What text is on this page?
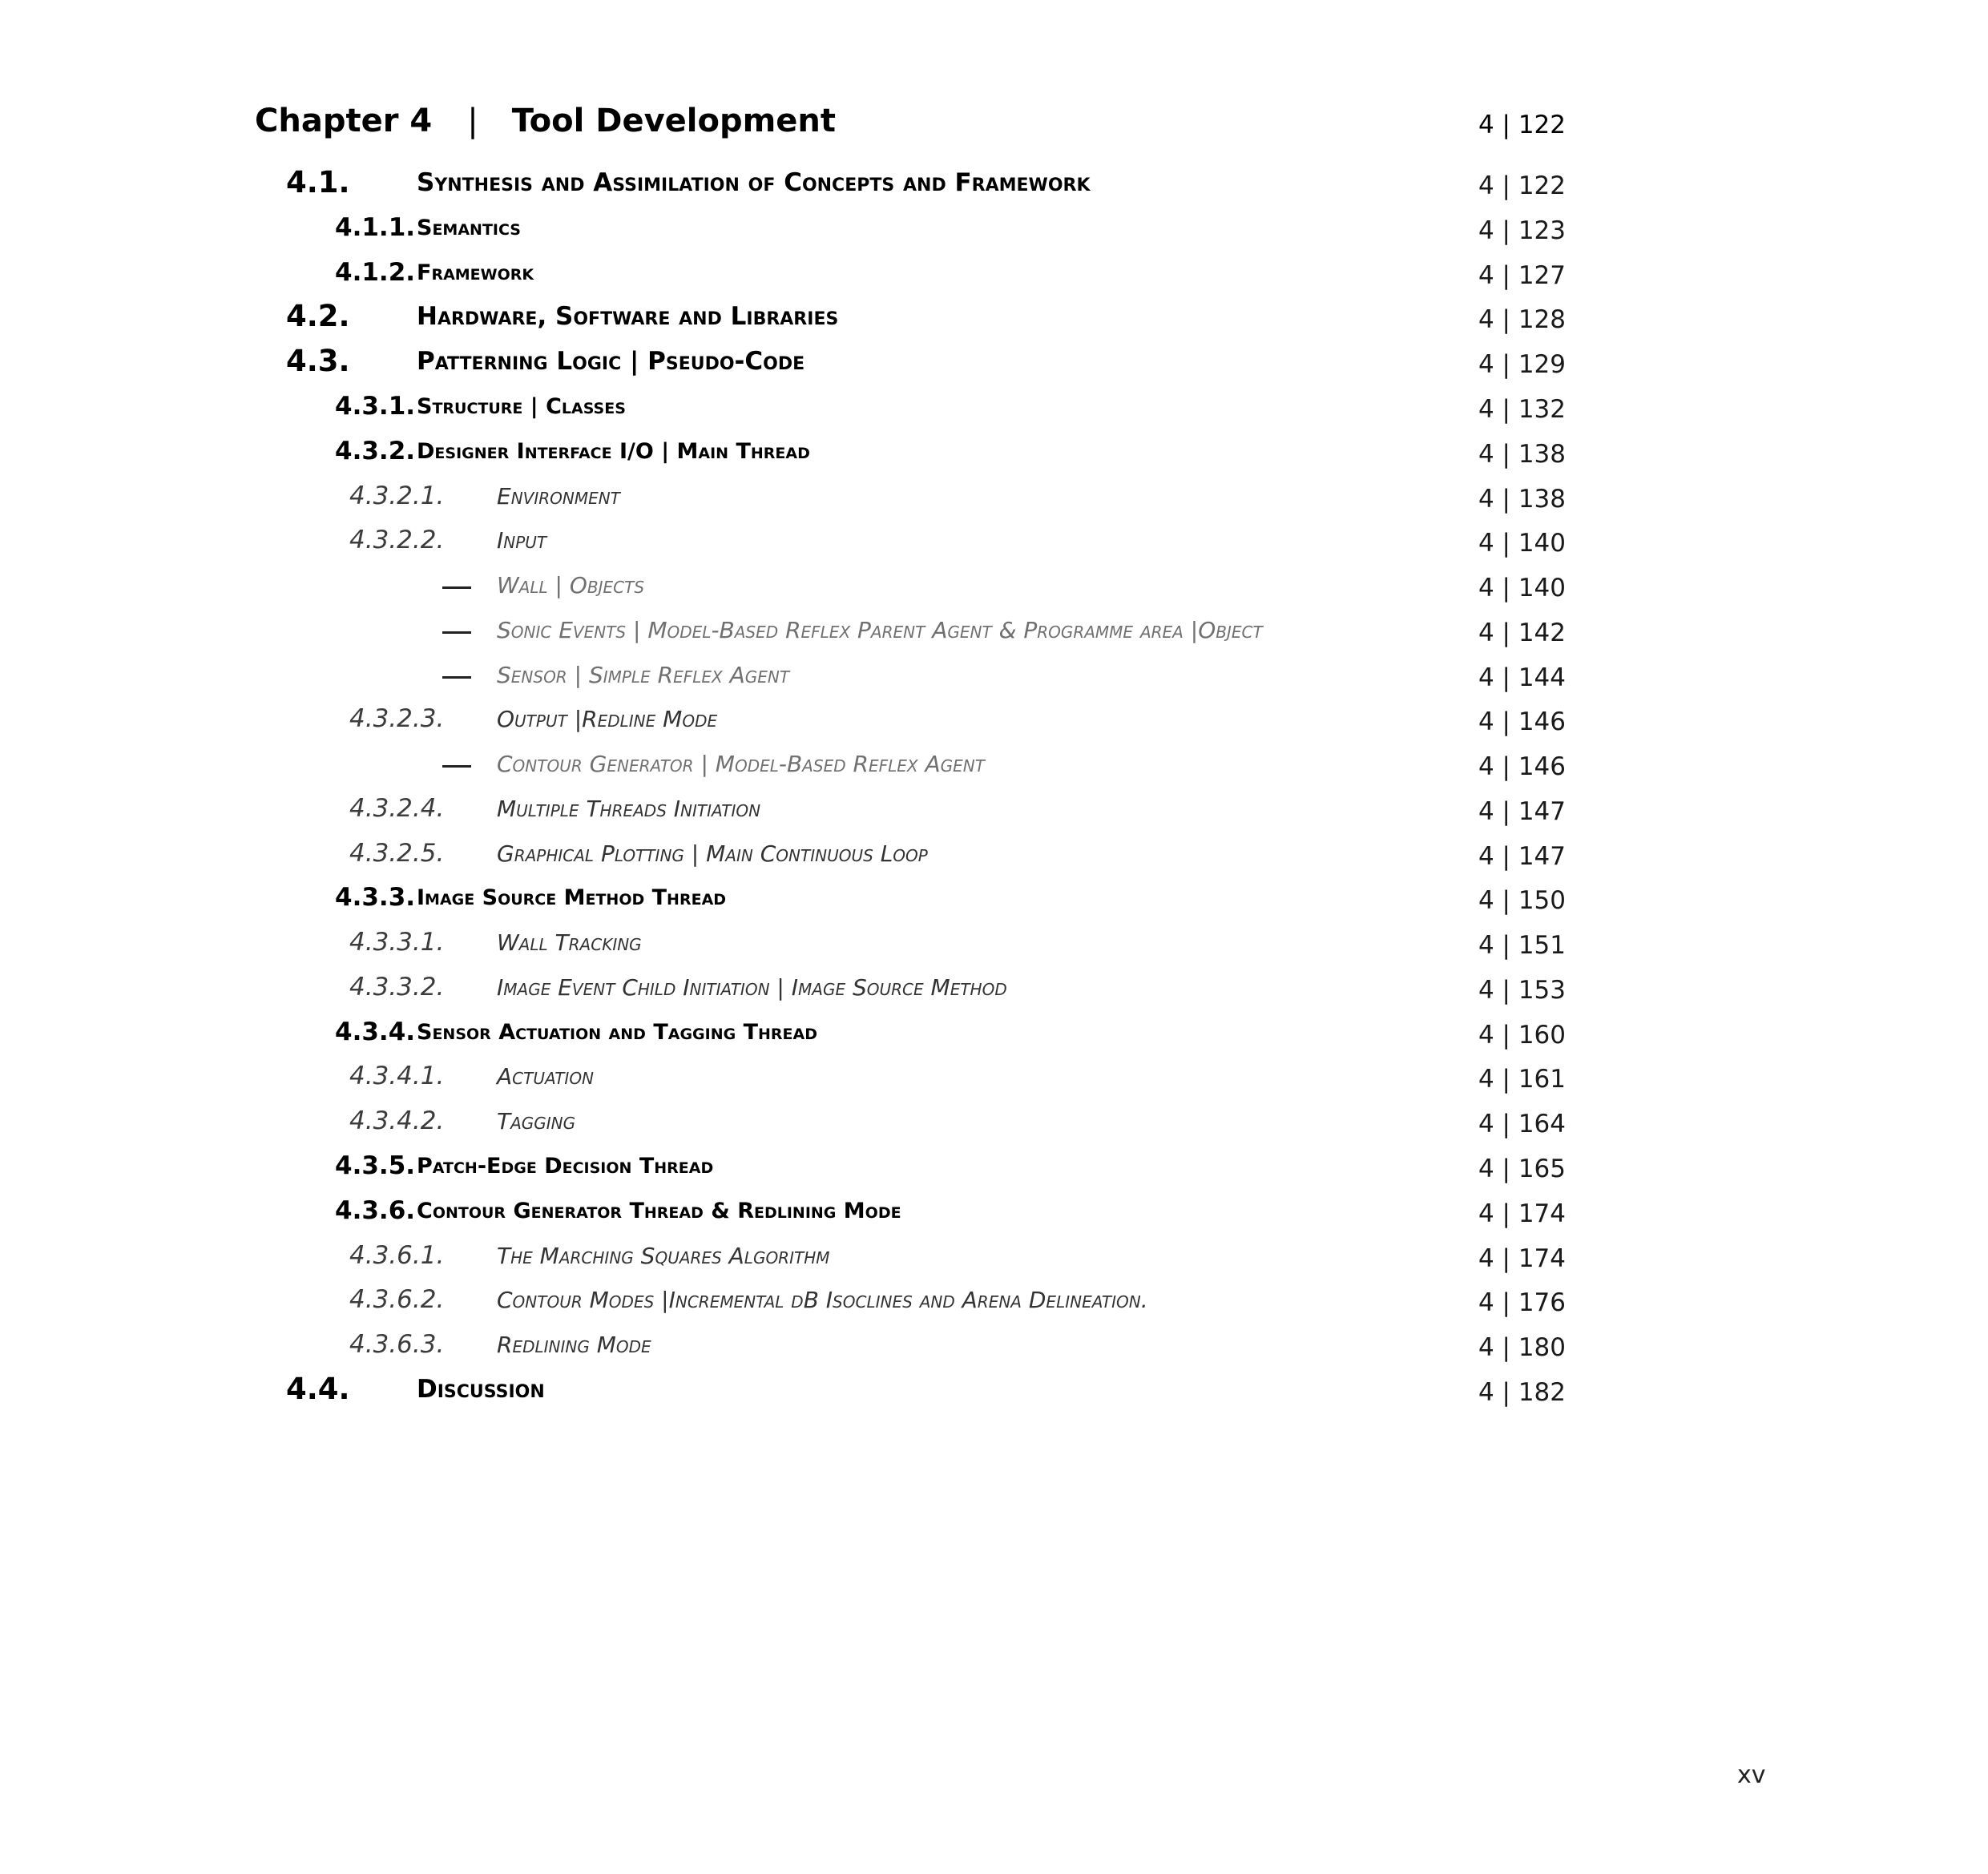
Chapter 4 | Tool Development	4 | 122
4.1.	Synthesis and Assimilation of Concepts and Framework	4 | 122
4.1.1. Semantics	4 | 123
4.1.2. Framework	4 | 127
4.2.	Hardware, Software and Libraries	4 | 128
4.3.	Patterning Logic | Pseudo-Code	4 | 129
4.3.1. Structure | Classes	4 | 132
4.3.2. Designer Interface I/O | Main Thread	4 | 138
4.3.2.1. Environment	4 | 138
4.3.2.2. Input	4 | 140
Wall | Objects	4 | 140
Sonic Events | Model-Based Reflex Parent Agent & Programme area |Object	4 | 142
Sensor | Simple Reflex Agent	4 | 144
4.3.2.3. Output |Redline Mode	4 | 146
Contour Generator | Model-Based Reflex Agent	4 | 146
4.3.2.4. Multiple Threads Initiation	4 | 147
4.3.2.5. Graphical Plotting | Main Continuous Loop	4 | 147
4.3.3. Image Source Method Thread	4 | 150
4.3.3.1. Wall Tracking	4 | 151
4.3.3.2. Image Event Child Initiation | Image Source Method	4 | 153
4.3.4. Sensor Actuation and Tagging Thread	4 | 160
4.3.4.1. Actuation	4 | 161
4.3.4.2. Tagging	4 | 164
4.3.5. Patch-Edge Decision Thread	4 | 165
4.3.6. Contour Generator Thread & Redlining Mode	4 | 174
4.3.6.1. The Marching Squares Algorithm	4 | 174
4.3.6.2. Contour Modes |Incremental dB Isoclines and Arena Delineation.	4 | 176
4.3.6.3. Redlining Mode	4 | 180
4.4.	Discussion	4 | 182
xv
